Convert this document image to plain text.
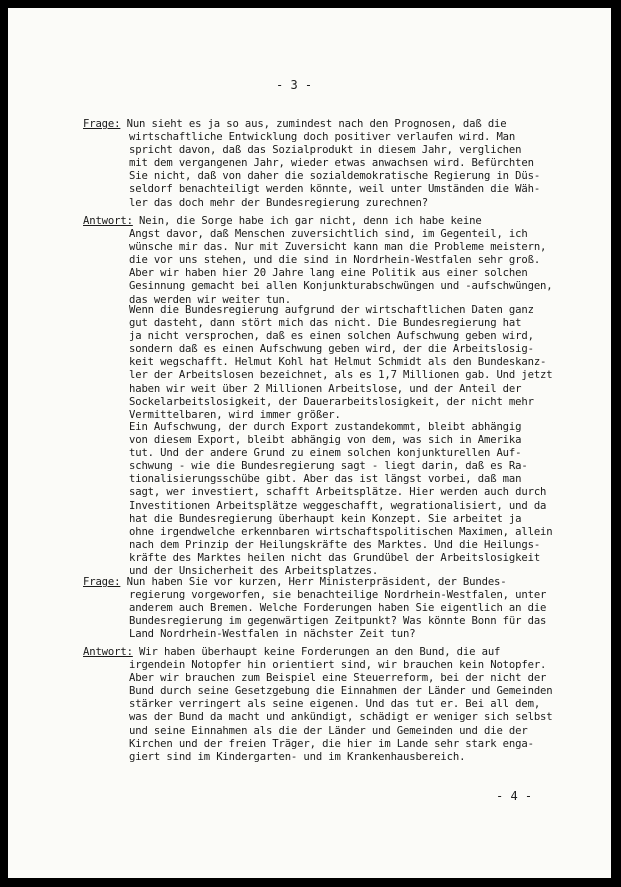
- 3 -
Frage: Nun sieht es ja so aus, zumindest nach den Prognosen, daß die
wirtschaftliche Entwicklung doch positiver verlaufen wird. Man
spricht davon, daß das Sozialprodukt in diesem Jahr, verglichen
mit dem vergangenen Jahr, wieder etwas anwachsen wird. Befürchten
Sie nicht, daß von daher die sozialdemokratische Regierung in Düs-
seldorf benachteiligt werden könnte, weil unter Umständen die Wäh-
ler das doch mehr der Bundesregierung zurechnen?
Antwort: Nein, die Sorge habe ich gar nicht, denn ich habe keine
Angst davor, daß Menschen zuversichtlich sind, im Gegenteil, ich
wünsche mir das. Nur mit Zuversicht kann man die Probleme meistern,
die vor uns stehen, und die sind in Nordrhein-Westfalen sehr groß.
Aber wir haben hier 20 Jahre lang eine Politik aus einer solchen
Gesinnung gemacht bei allen Konjunkturabschwüngen und -aufschwüngen,
das werden wir weiter tun.
Wenn die Bundesregierung aufgrund der wirtschaftlichen Daten ganz
gut dasteht, dann stört mich das nicht. Die Bundesregierung hat
ja nicht versprochen, daß es einen solchen Aufschwung geben wird,
sondern daß es einen Aufschwung geben wird, der die Arbeitslosig-
keit wegschafft. Helmut Kohl hat Helmut Schmidt als den Bundeskanz-
ler der Arbeitslosen bezeichnet, als es 1,7 Millionen gab. Und jetzt
haben wir weit über 2 Millionen Arbeitslose, und der Anteil der
Sockelarbeitslosigkeit, der Dauerarbeitslosigkeit, der nicht mehr
Vermittelbaren, wird immer größer.
Ein Aufschwung, der durch Export zustandekommt, bleibt abhängig
von diesem Export, bleibt abhängig von dem, was sich in Amerika
tut. Und der andere Grund zu einem solchen konjunkturellen Auf-
schwung - wie die Bundesregierung sagt - liegt darin, daß es Ra-
tionalisierungsschübe gibt. Aber das ist längst vorbei, daß man
sagt, wer investiert, schafft Arbeitsplätze. Hier werden auch durch
Investitionen Arbeitsplätze weggeschafft, wegrationalisiert, und da
hat die Bundesregierung überhaupt kein Konzept. Sie arbeitet ja
ohne irgendwelche erkennbaren wirtschaftspolitischen Maximen, allein
nach dem Prinzip der Heilungskräfte des Marktes. Und die Heilungs-
kräfte des Marktes heilen nicht das Grundübel der Arbeitslosigkeit
und der Unsicherheit des Arbeitsplatzes.
Frage: Nun haben Sie vor kurzen, Herr Ministerpräsident, der Bundes-
regierung vorgeworfen, sie benachteilige Nordrhein-Westfalen, unter
anderem auch Bremen. Welche Forderungen haben Sie eigentlich an die
Bundesregierung im gegenwärtigen Zeitpunkt? Was könnte Bonn für das
Land Nordrhein-Westfalen in nächster Zeit tun?
Antwort: Wir haben überhaupt keine Forderungen an den Bund, die auf
irgendein Notopfer hin orientiert sind, wir brauchen kein Notopfer.
Aber wir brauchen zum Beispiel eine Steuerreform, bei der nicht der
Bund durch seine Gesetzgebung die Einnahmen der Länder und Gemeinden
stärker verringert als seine eigenen. Und das tut er. Bei all dem,
was der Bund da macht und ankündigt, schädigt er weniger sich selbst
und seine Einnahmen als die der Länder und Gemeinden und die der
Kirchen und der freien Träger, die hier im Lande sehr stark enga-
giert sind im Kindergarten- und im Krankenhausbereich.
- 4 -
